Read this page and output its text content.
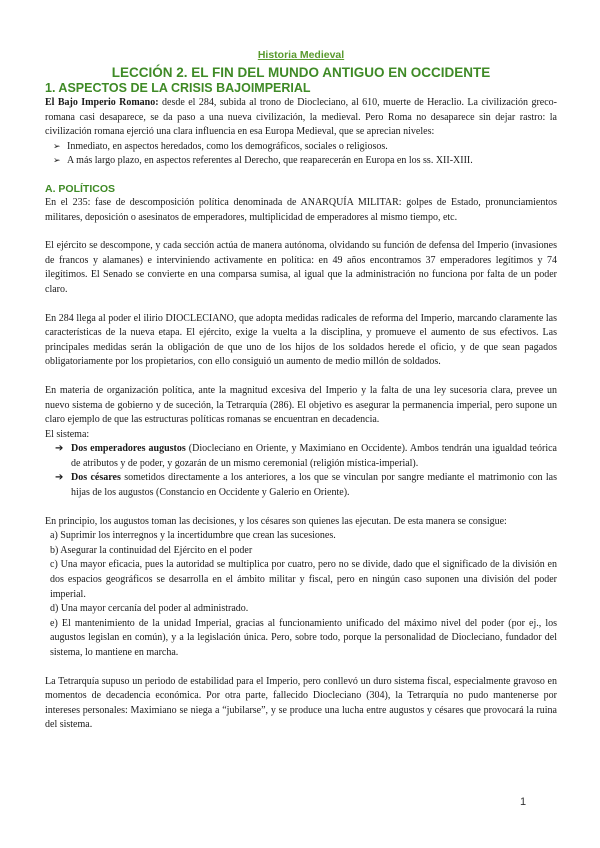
Historia Medieval

LECCIÓN 2. EL FIN DEL MUNDO ANTIGUO EN OCCIDENTE

1. ASPECTOS DE LA CRISIS BAJOIMPERIAL

El Bajo Imperio Romano: desde el 284, subida al trono de Diocleciano, al 610, muerte de Heraclio. La civilización greco-romana casi desaparece, se da paso a una nueva civilización, la medieval. Pero Roma no desaparece sin dejar rastro: la civilización romana ejerció una clara influencia en esa Europa Medieval, que se aprecian niveles:

➢ Inmediato, en aspectos heredados, como los demográficos, sociales o religiosos.
➢ A más largo plazo, en aspectos referentes al Derecho, que reaparecerán en Europa en los ss. XII-XIII.

A. POLÍTICOS

En el 235: fase de descomposición política denominada de ANARQUÍA MILITAR: golpes de Estado, pronunciamientos militares, deposición o asesinatos de emperadores, multiplicidad de emperadores al mismo tiempo, etc.

El ejército se descompone, y cada sección actúa de manera autónoma, olvidando su función de defensa del Imperio (invasiones de francos y alamanes) e interviniendo activamente en política: en 49 años encontramos 37 emperadores legítimos y 74 ilegítimos. El Senado se convierte en una comparsa sumisa, al igual que la administración no funciona por falta de un poder claro.

En 284 llega al poder el ilirio DIOCLECIANO, que adopta medidas radicales de reforma del Imperio, marcando claramente las características de la nueva etapa. El ejército, exige la vuelta a la disciplina, y promueve el aumento de sus efectivos. Las principales medidas serán la obligación de que uno de los hijos de los soldados herede el oficio, y de que sean pagados obligatoriamente por los propietarios, con ello consiguió un aumento de medio millón de soldados.

En materia de organización política, ante la magnitud excesiva del Imperio y la falta de una ley sucesoria clara, prevee un nuevo sistema de gobierno y de suceción, la Tetrarquía (286). El objetivo es asegurar la permanencia imperial, pero supone un claro ejemplo de que las estructuras políticas romanas se encuentran en decadencia.

El sistema:

➔ Dos emperadores augustos (Diocleciano en Oriente, y Maximiano en Occidente). Ambos tendrán una igualdad teórica de atributos y de poder, y gozarán de un mismo ceremonial (religión mística-imperial).
➔ Dos césares sometidos directamente a los anteriores, a los que se vinculan por sangre mediante el matrimonio con las hijas de los augustos (Constancio en Occidente y Galerio en Oriente).

En principio, los augustos toman las decisiones, y los césares son quienes las ejecutan. De esta manera se consigue:

a) Suprimir los interregnos y la incertidumbre que crean las sucesiones.

b) Asegurar la continuidad del Ejército en el poder

c) Una mayor eficacia, pues la autoridad se multiplica por cuatro, pero no se divide, dado que el significado de la división en dos espacios geográficos se desarrolla en el ámbito militar y fiscal, pero en ningún caso suponen una división del poder imperial.

d) Una mayor cercanía del poder al administrado.

e) El mantenimiento de la unidad Imperial, gracias al funcionamiento unificado del máximo nivel del poder (por ej., los augustos legislan en común), y a la legislación única. Pero, sobre todo, porque la personalidad de Diocleciano, fundador del sistema, lo mantiene en marcha.

La Tetrarquía supuso un periodo de estabilidad para el Imperio, pero conllevó un duro sistema fiscal, especialmente gravoso en momentos de decadencia económica. Por otra parte, fallecido Diocleciano (304), la Tetrarquía no pudo mantenerse por intereses personales: Maximiano se niega a “jubilarse”, y se produce una lucha entre augustos y césares que provocará la ruina del sistema.

1
